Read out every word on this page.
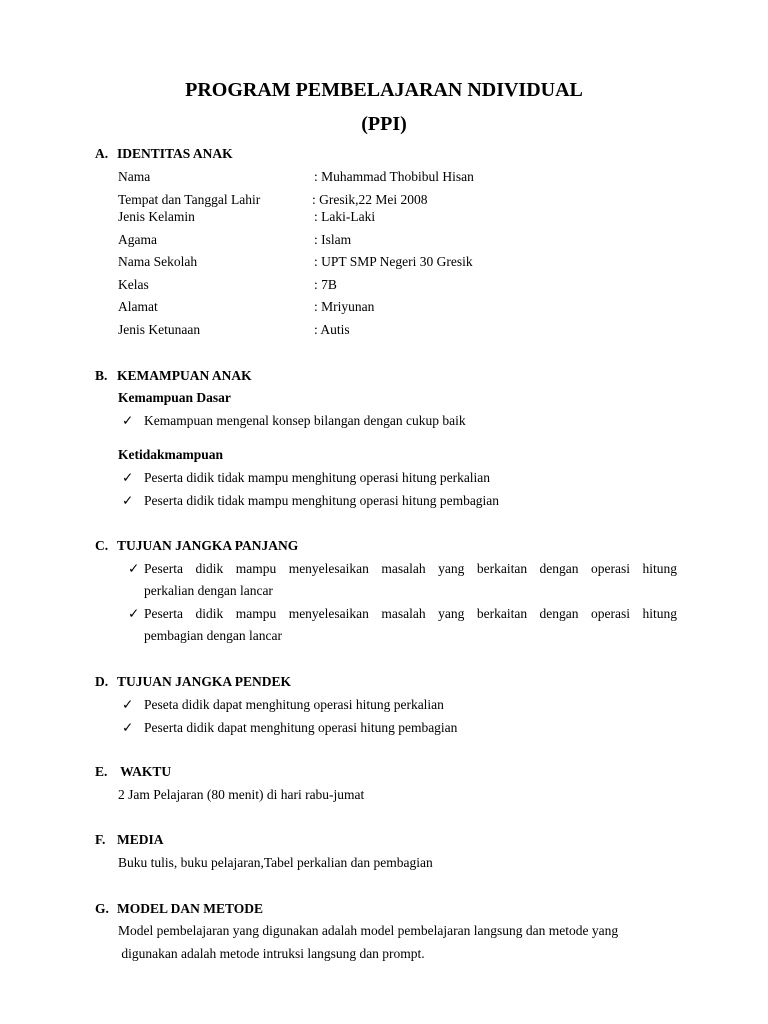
PROGRAM PEMBELAJARAN NDIVIDUAL
(PPI)
A. IDENTITAS ANAK
Nama	: Muhammad Thobibul Hisan
Tempat dan Tanggal Lahir	: Gresik,22 Mei 2008
Jenis Kelamin	: Laki-Laki
Agama	: Islam
Nama Sekolah	: UPT SMP Negeri 30 Gresik
Kelas	: 7B
Alamat	: Mriyunan
Jenis Ketunaan	: Autis
B. KEMAMPUAN ANAK
Kemampuan Dasar
✓ Kemampuan mengenal konsep bilangan dengan cukup baik
Ketidakmampuan
✓ Peserta didik tidak mampu menghitung operasi hitung perkalian
✓ Peserta didik tidak mampu menghitung operasi hitung pembagian
C. TUJUAN JANGKA PANJANG
✓ Peserta didik mampu menyelesaikan masalah yang berkaitan dengan operasi hitung
perkalian dengan lancar
✓ Peserta didik mampu menyelesaikan masalah yang berkaitan dengan operasi hitung
pembagian dengan lancar
D. TUJUAN JANGKA PENDEK
✓ Peseta didik dapat menghitung operasi hitung perkalian
✓ Peserta didik dapat menghitung operasi hitung pembagian
E. WAKTU
2 Jam Pelajaran (80 menit) di hari rabu-jumat
F. MEDIA
Buku tulis, buku pelajaran,Tabel perkalian dan pembagian
G. MODEL DAN METODE
Model pembelajaran yang digunakan adalah model pembelajaran langsung dan metode yang
digunakan adalah metode intruksi langsung dan prompt.
